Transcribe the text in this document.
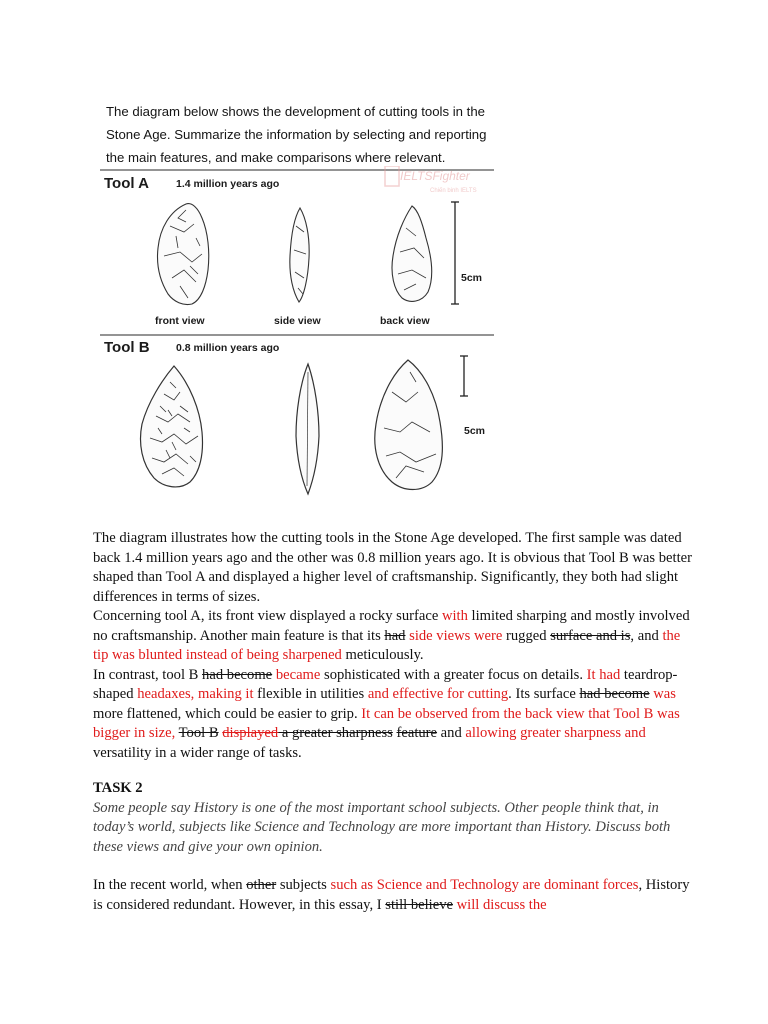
The diagram below shows the development of cutting tools in the
Stone Age. Summarize the information by selecting and reporting
the main features, and make comparisons where relevant.
IELTSFighter
Chiến binh IELTS
Tool A	1.4 million years ago
5cm
front view	side view	back view
Tool B	0.8 million years ago
5cm

The diagram illustrates how the cutting tools in the Stone Age developed. The first sample was dated back 1.4 million years ago and the other was 0.8 million years ago. It is obvious that Tool B was better shaped than Tool A and displayed a higher level of craftsmanship. Significantly, they both had slight differences in terms of sizes.

Concerning tool A, its front view displayed a rocky surface with limited sharping and mostly involved no craftsmanship. Another main feature is that its had side views were rugged surface and is, and the tip was blunted instead of being sharpened meticulously.

In contrast, tool B had become became sophisticated with a greater focus on details. It had teardrop-shaped headaxes, making it flexible in utilities and effective for cutting. Its surface had become was more flattened, which could be easier to grip. It can be observed from the back view that Tool B was bigger in size, Tool B displayed a greater sharpness feature and allowing greater sharpness and versatility in a wider range of tasks.

TASK 2

Some people say History is one of the most important school subjects. Other people think that, in today’s world, subjects like Science and Technology are more important than History. Discuss both these views and give your own opinion.

In the recent world, when other subjects such as Science and Technology are dominant forces, History is considered redundant. However, in this essay, I still believe will discuss the
